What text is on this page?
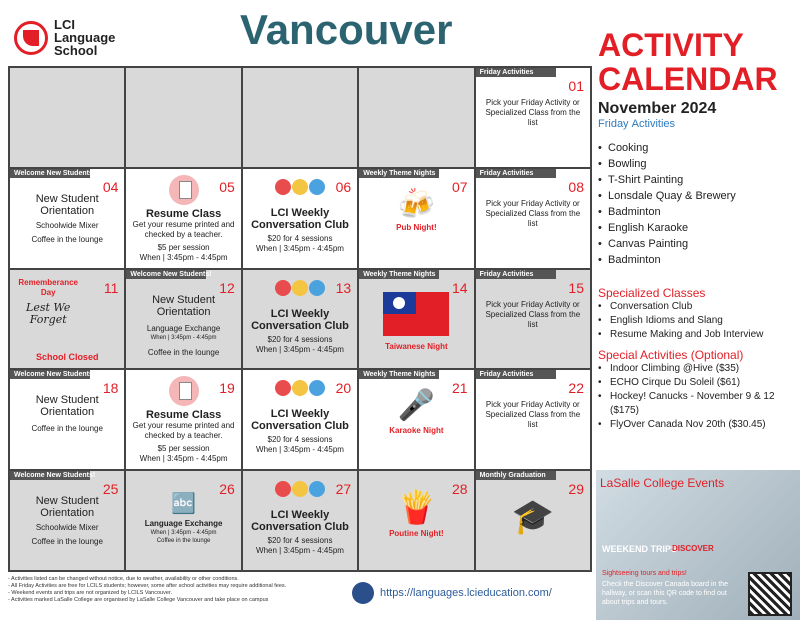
LCI
Language
School	Vancouver
Friday Activities
01
Pick your Friday Activity or Specialized Class from the list
Welcome New Students!
04
New Student Orientation
Schoolwide Mixer
Coffee in the lounge
05
Resume Class
Get your resume printed and checked by a teacher.
$5 per session
When | 3:45pm - 4:45pm
06
LCI Weekly Conversation Club
$20 for 4 sessions
When | 3:45pm - 4:45pm
Weekly Theme Nights
07
🍻
Pub Night!
Friday Activities
08
Pick your Friday Activity or Specialized Class from the list
11
Rememberance Day
Lest We Forget
School Closed
Welcome New Students!
12
New Student Orientation
Language Exchange
When | 3:45pm - 4:45pm
Coffee in the lounge
13
LCI Weekly Conversation Club
$20 for 4 sessions
When | 3:45pm - 4:45pm
Weekly Theme Nights
14
Taiwanese Night
Friday Activities
15
Pick your Friday Activity or Specialized Class from the list
Welcome New Students!
18
New Student Orientation
Coffee in the lounge
19
Resume Class
Get your resume printed and checked by a teacher.
$5 per session
When | 3:45pm - 4:45pm
20
LCI Weekly Conversation Club
$20 for 4 sessions
When | 3:45pm - 4:45pm
Weekly Theme Nights
21
🎤
Karaoke Night
Friday Activities
22
Pick your Friday Activity or Specialized Class from the list
Welcome New Students!
25
New Student Orientation
Schoolwide Mixer
Coffee in the lounge
26
🔤
Language Exchange
When | 3:45pm - 4:45pm
Coffee in the lounge
27
LCI Weekly Conversation Club
$20 for 4 sessions
When | 3:45pm - 4:45pm
28
🍟
Poutine Night!
Monthly Graduation
29
🎓
ACTIVITY
CALENDAR
November 2024
Friday Activities
• Cooking
• Bowling
• T-Shirt Painting
• Lonsdale Quay & Brewery
• Badminton
• English Karaoke
• Canvas Painting
• Badminton
Specialized Classes
• Conversation Club
• English Idioms and Slang
• Resume Making and Job Interview
Special Activities (Optional)
• Indoor Climbing @Hive ($35)
• ECHO Cirque Du Soleil ($61)
• Hockey! Canucks - November 9 & 12 ($175)
• FlyOver Canada Nov 20th ($30.45)
LaSalle College Events
WEEKEND TRIPS
DISCOVER
Sightseeing tours and trips!
Check the Discover Canada board in the hallway, or scan this QR code to find out about trips and tours.
- Activities listed can be changed without notice, due to weather, availability or other conditions.
- All Friday Activities are free for LCILS students; however, some after school activities may require additional fees.
- Weekend events and trips are not organized by LCILS Vancouver.
- Activities marked LaSalle College are organised by LaSalle College Vancouver and take place on campus
https://languages.lcieducation.com/
